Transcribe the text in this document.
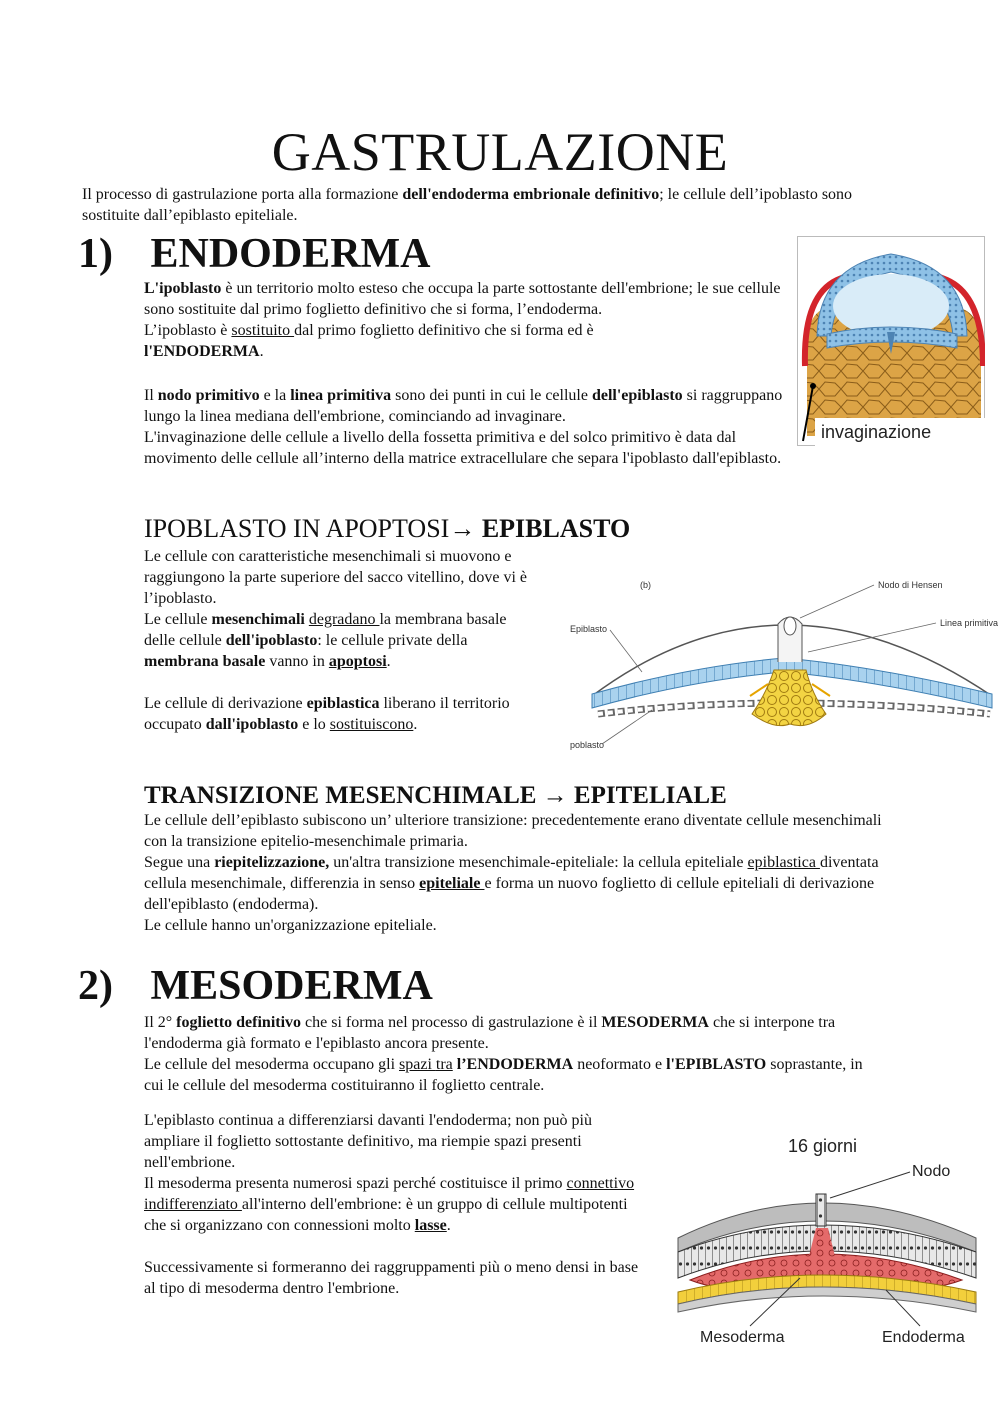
GASTRULAZIONE
Il processo di gastrulazione porta alla formazione dell'endoderma embrionale definitivo; le cellule dell’ipoblasto sono sostituite dall’epiblasto epiteliale.
1) ENDODERMA

L'ipoblasto è un territorio molto esteso che occupa la parte sottostante dell'embrione; le sue cellule sono sostituite dal primo foglietto definitivo che si forma, l’endoderma.

L’ipoblasto è sostituito dal primo foglietto definitivo che si forma ed è
l'ENDODERMA.

Il nodo primitivo e la linea primitiva sono dei punti in cui le cellule dell'epiblasto si raggruppano lungo la linea mediana dell'embrione, cominciando ad invaginare.

L'invaginazione delle cellule a livello della fossetta primitiva e del solco primitivo è data dal movimento delle cellule all’interno della matrice extracellulare che separa l'ipoblasto dall'epiblasto.

invaginazione
IPOBLASTO IN APOPTOSI→ EPIBLASTO

Le cellule con caratteristiche mesenchimali si muovono e raggiungono la parte superiore del sacco vitellino, dove vi è l’ipoblasto.

Le cellule mesenchimali degradano la membrana basale delle cellule dell'ipoblasto: le cellule private della membrana basale vanno in apoptosi.

Le cellule di derivazione epiblastica liberano il territorio occupato dall'ipoblasto e lo sostituiscono.

(b)
Epiblasto
Nodo di Hensen
Linea primitiva
poblasto
TRANSIZIONE MESENCHIMALE → EPITELIALE

Le cellule dell’epiblasto subiscono un’ ulteriore transizione: precedentemente erano diventate cellule mesenchimali con la transizione epitelio-mesenchimale primaria.

Segue una riepitelizzazione, un'altra transizione mesenchimale-epiteliale: la cellula epiteliale epiblastica diventata cellula mesenchimale, differenzia in senso epiteliale e forma un nuovo foglietto di cellule epiteliali di derivazione dell'epiblasto (endoderma).

Le cellule hanno un'organizzazione epiteliale.

2) MESODERMA

Il 2° foglietto definitivo che si forma nel processo di gastrulazione è il MESODERMA che si interpone tra l'endoderma già formato e l'epiblasto ancora presente.

Le cellule del mesoderma occupano gli spazi tra l’ENDODERMA neoformato e l'EPIBLASTO soprastante, in cui le cellule del mesoderma costituiranno il foglietto centrale.

L'epiblasto continua a differenziarsi davanti l'endoderma; non può più ampliare il foglietto sottostante definitivo, ma riempie spazi presenti nell'embrione.

Il mesoderma presenta numerosi spazi perché costituisce il primo connettivo indifferenziato all'interno dell'embrione: è un gruppo di cellule multipotenti che si organizzano con connessioni molto lasse.

Successivamente si formeranno dei raggruppamenti più o meno densi in base al tipo di mesoderma dentro l'embrione.

16 giorni
Nodo
Mesoderma	Endoderma
